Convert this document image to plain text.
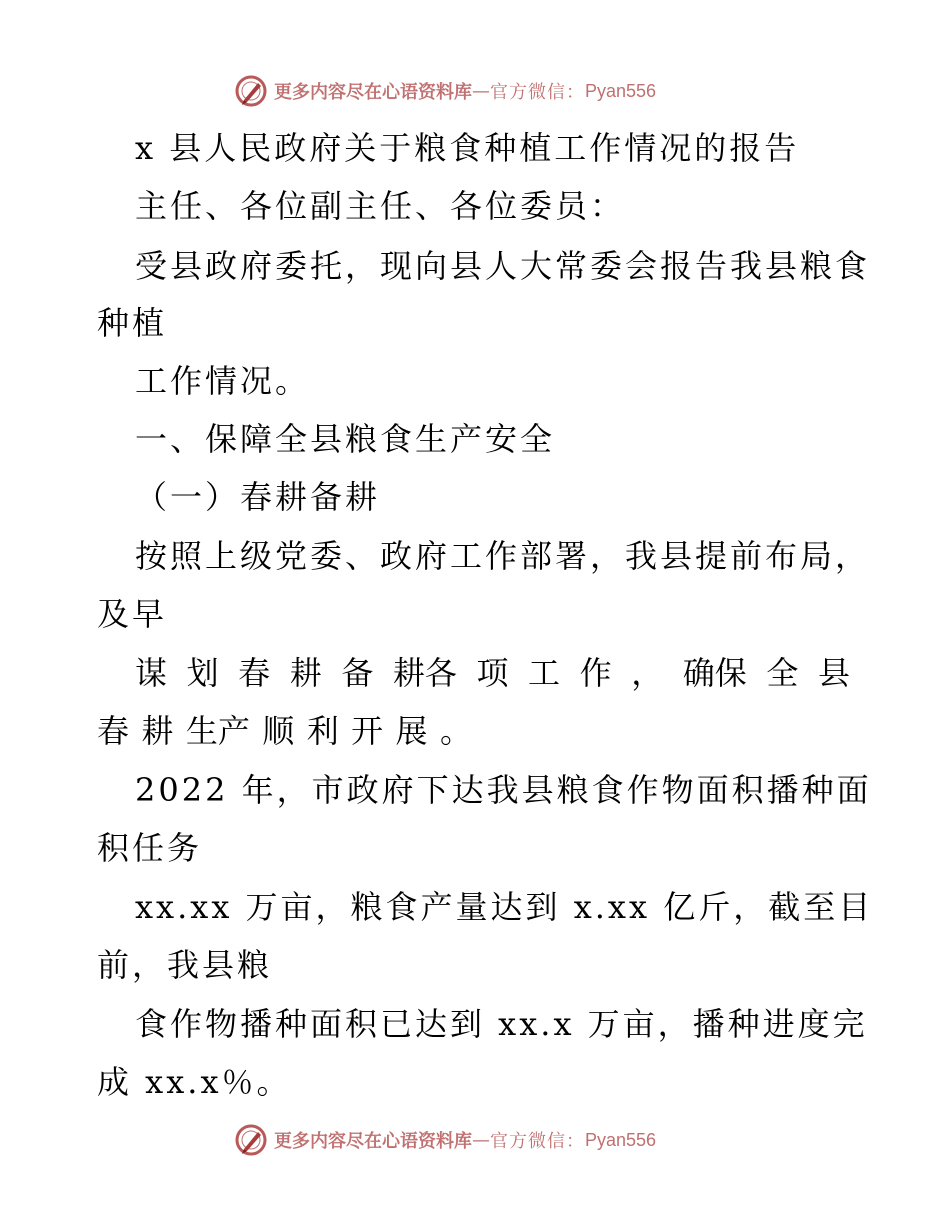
更多内容尽在心语资料库 — 官方微信： Pyan556
x 县人民政府关于粮食种植工作情况的报告
主任、各位副主任、各位委员：
受县政府委托，现向县人大常委会报告我县粮食
种植
工作情况。
一、保障全县粮食生产安全
（一）春耕备耕
按照上级党委、政府工作部署，我县提前布局，
及早
谋 划 春 耕 备 耕各 项 工 作 ， 确保 全 县
春 耕 生产 顺 利 开 展 。
2022 年，市政府下达我县粮食作物面积播种面
积任务
xx.xx 万亩，粮食产量达到 x.xx 亿斤，截至目
前，我县粮
食作物播种面积已达到 xx.x 万亩，播种进度完
成 xx.x％。
更多内容尽在心语资料库 — 官方微信： Pyan556
